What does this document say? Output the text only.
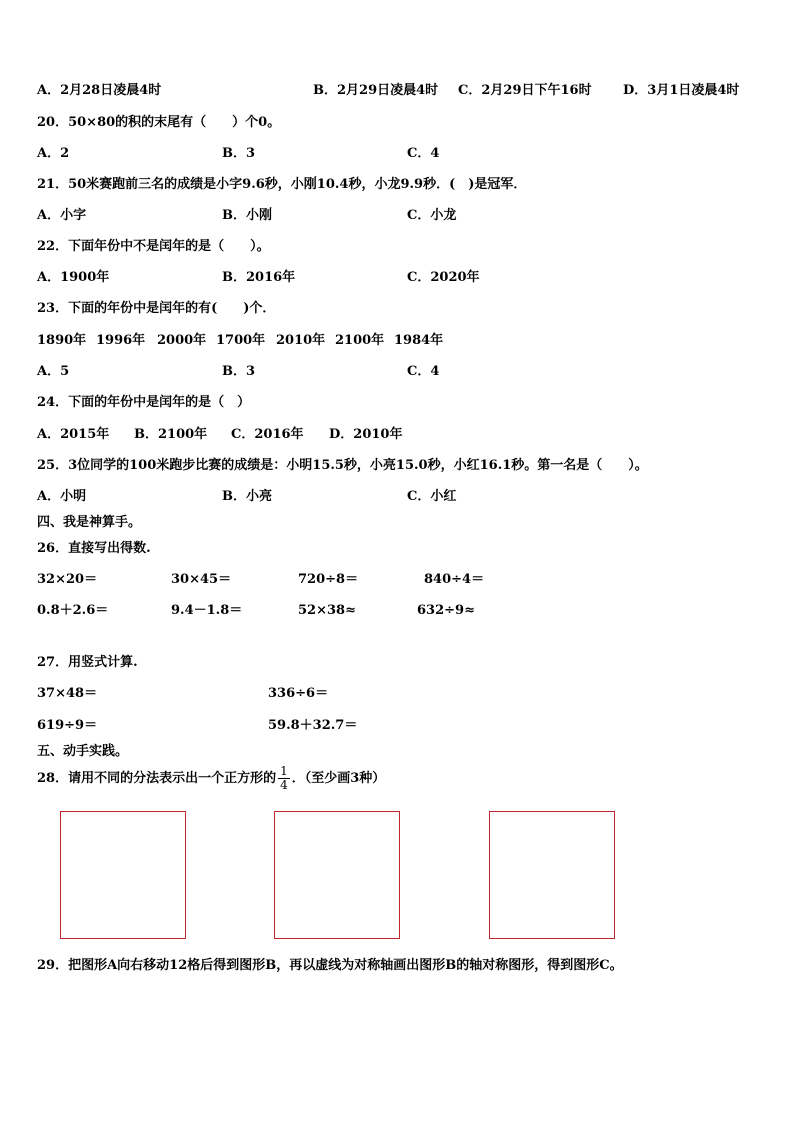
A．2月28日凌晨4时	B．2月29日凌晨4时 C．2月29日下午16时 D．3月1日凌晨4时
20．50×80的积的末尾有（　　）个0。
A．2	B．3	C．4
21．50米赛跑前三名的成绩是小字9.6秒，小刚10.4秒，小龙9.9秒．(　)是冠军．
A．小字	B．小刚	C．小龙
22．下面年份中不是闰年的是（　　）。
A．1900年	B．2016年	C．2020年
23．下面的年份中是闰年的有(　　)个．
1890年 1996年 2000年 1700年 2010年 2100年 1984年
A．5	B．3	C．4
24．下面的年份中是闰年的是（　）
A．2015年 B．2100年 C．2016年 D．2010年
25．3位同学的100米跑步比赛的成绩是：小明15.5秒，小亮15.0秒，小红16.1秒。第一名是（　　）。
A．小明	B．小亮	C．小红
四、我是神算手。
26．直接写出得数.
32×20＝	30×45＝	720÷8＝	840÷4＝
0.8＋2.6＝	9.4－1.8＝	52×38≈	632÷9≈
27．用竖式计算.
37×48＝	336÷6＝
619÷9＝	59.8＋32.7＝
五、动手实践。
28．请用不同的分法表示出一个正方形的 $\frac{1}{4}$ ．（至少画3种）
29．把图形A向右移动12格后得到图形B，再以虚线为对称轴画出图形B的轴对称图形，得到图形C。
